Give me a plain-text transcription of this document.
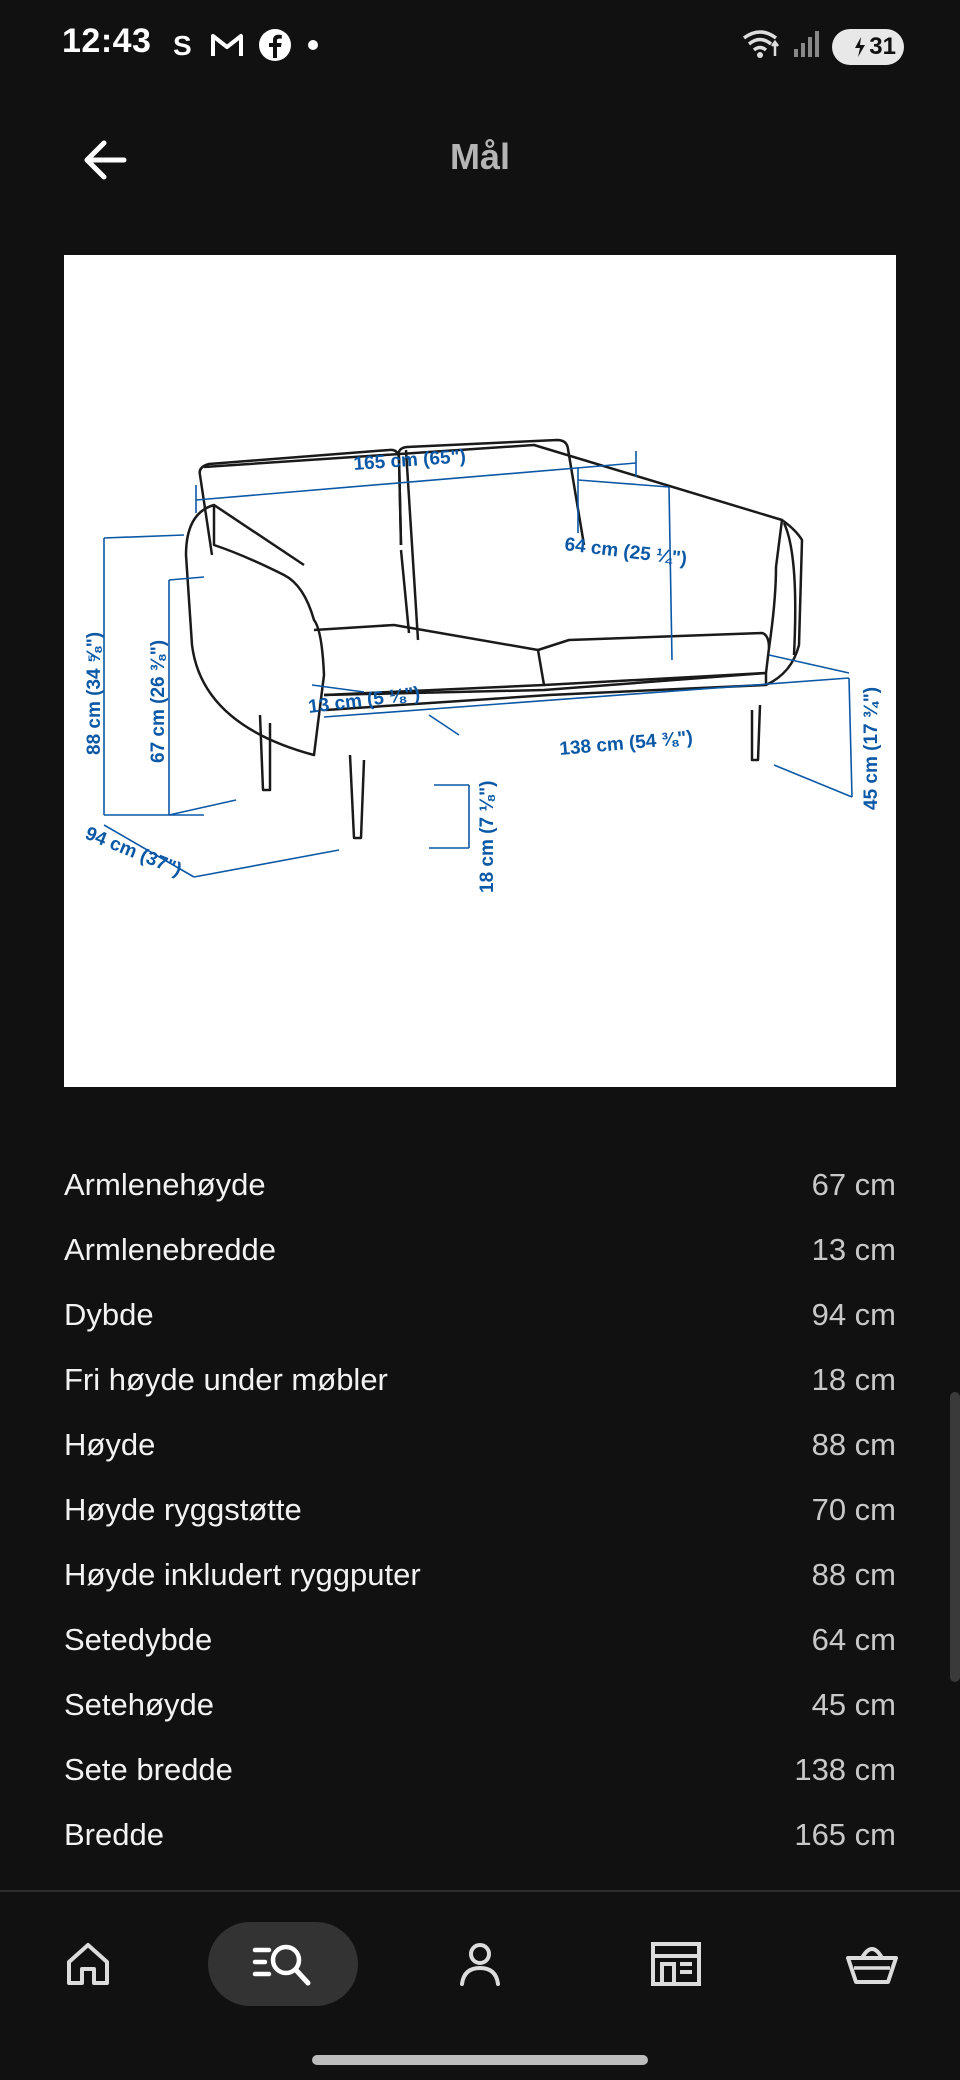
12:43 S	31
Mål
165 cm (65")
64 cm (25 ¼")
88 cm (34 ⅝") 67 cm (26 ⅜")	13 cm (5 ⅛")
138 cm (54 ⅜")	45 cm (17 ¾")
18 cm (7 ⅛")
94 cm (37")
Armlenehøyde	67 cm
Armlenebredde	13 cm
Dybde	94 cm
Fri høyde under møbler	18 cm
Høyde	88 cm
Høyde ryggstøtte	70 cm
Høyde inkludert ryggputer	88 cm
Setedybde	64 cm
Setehøyde	45 cm
Sete bredde	138 cm
Bredde	165 cm
